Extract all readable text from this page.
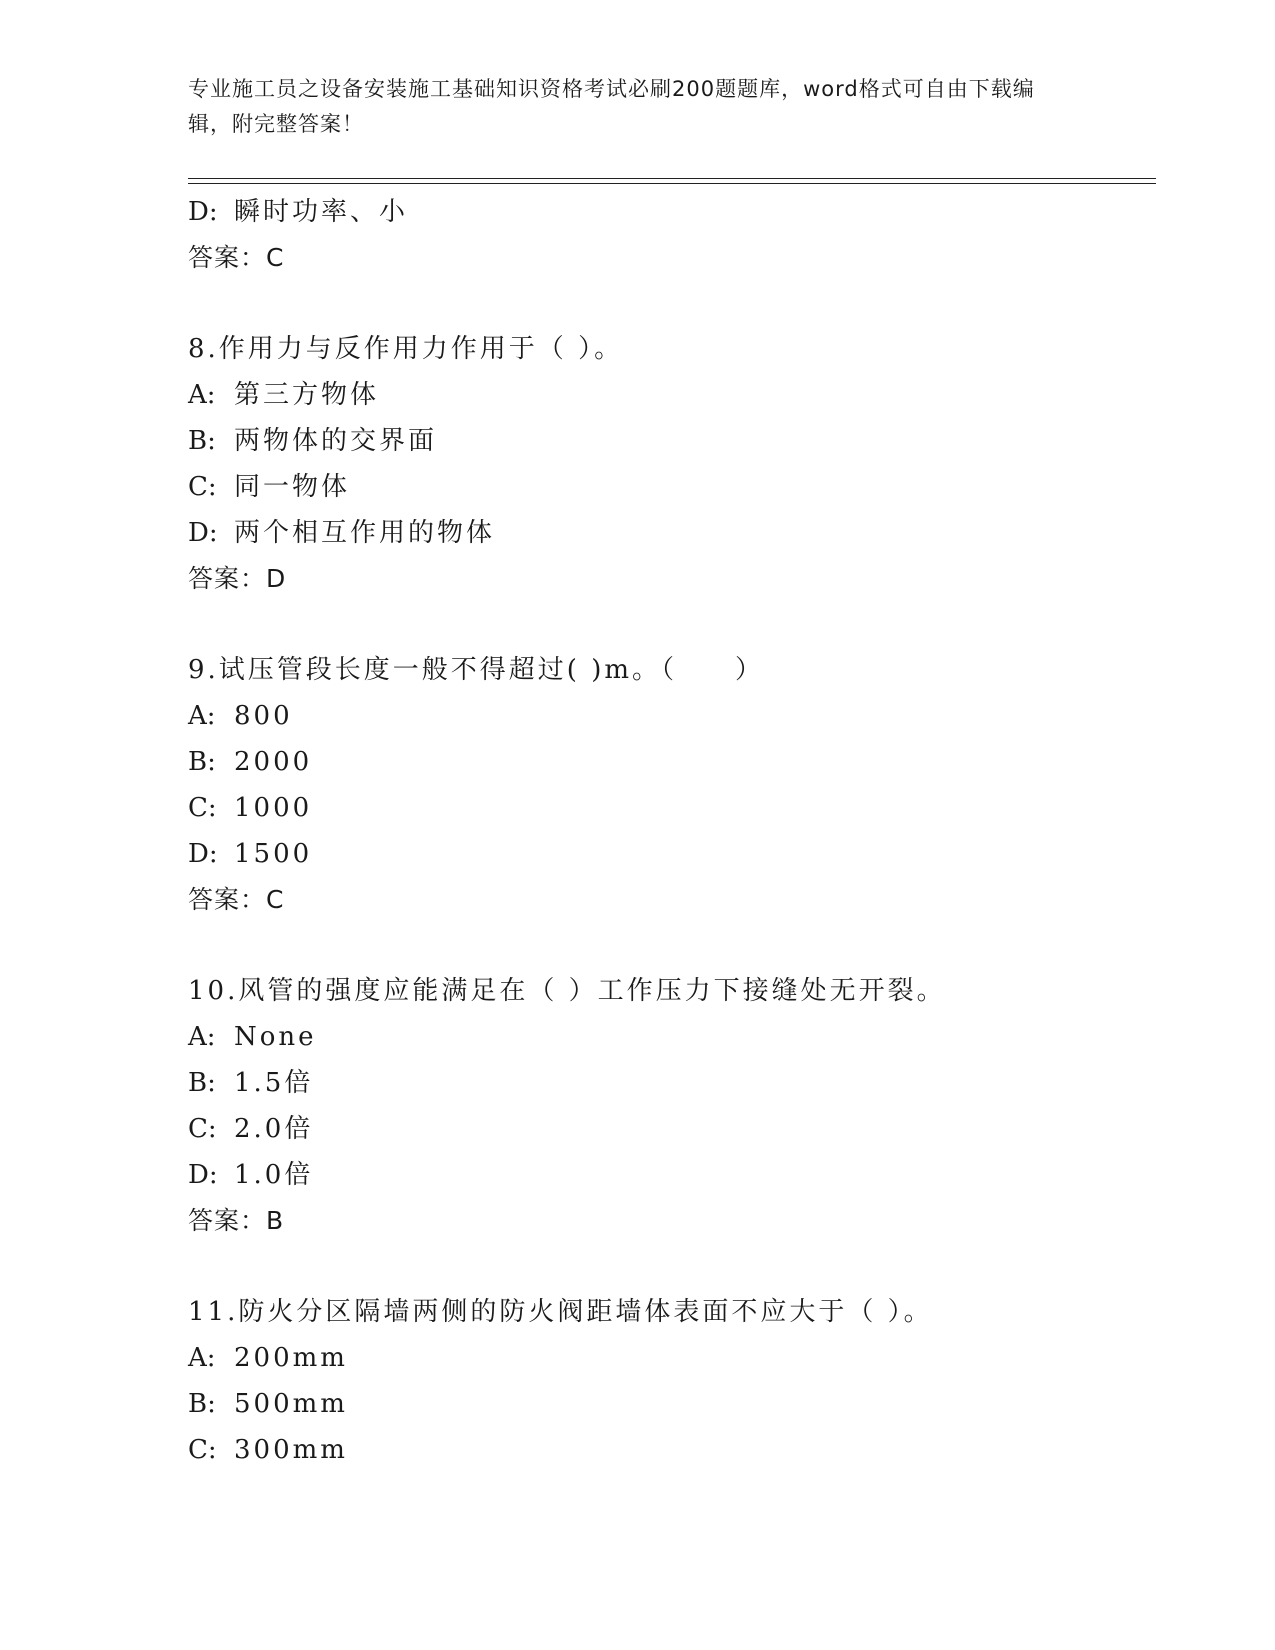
专业施工员之设备安装施工基础知识资格考试必刷200题题库，word格式可自由下载编辑，附完整答案！
D: 瞬时功率、小
答案：C
8.作用力与反作用力作用于（ ）。
A: 第三方物体
B: 两物体的交界面
C: 同一物体
D: 两个相互作用的物体
答案：D
9.试压管段长度一般不得超过( )m。（　　）
A: 800
B: 2000
C: 1000
D: 1500
答案：C
10.风管的强度应能满足在（ ）工作压力下接缝处无开裂。
A: None
B: 1.5倍
C: 2.0倍
D: 1.0倍
答案：B
11.防火分区隔墙两侧的防火阀距墙体表面不应大于（ ）。
A: 200mm
B: 500mm
C: 300mm
